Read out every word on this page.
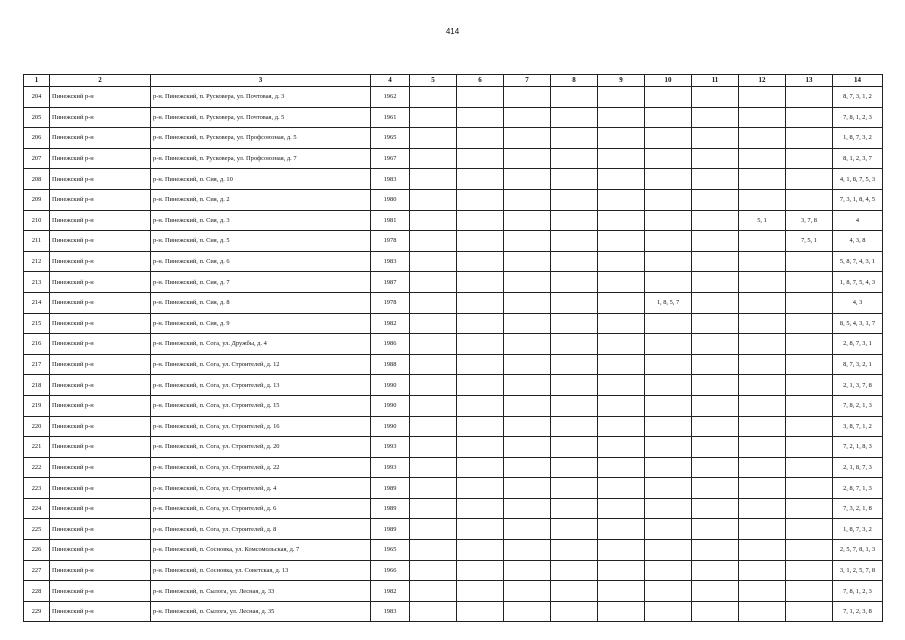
414
1	2	3	4	5	6	7	8	9	10	11	12	13	14
204	Пинежский р-н	р-н. Пинежский, п. Русковера, ул. Почтовая, д. 3	1962										8, 7, 3, 1, 2
205	Пинежский р-н	р-н. Пинежский, п. Русковера, ул. Почтовая, д. 5	1961										7, 8, 1, 2, 3
206	Пинежский р-н	р-н. Пинежский, п. Русковера, ул. Профсоюзная, д. 5	1965										1, 8, 7, 3, 2
207	Пинежский р-н	р-н. Пинежский, п. Русковера, ул. Профсоюзная, д. 7	1967										8, 1, 2, 3, 7
208	Пинежский р-н	р-н. Пинежский, п. Сия, д. 10	1983										4, 1, 8, 7, 5, 3
209	Пинежский р-н	р-н. Пинежский, п. Сия, д. 2	1980										7, 3, 1, 8, 4, 5
210	Пинежский р-н	р-н. Пинежский, п. Сия, д. 3	1981								5, 1	3, 7, 8	4
211	Пинежский р-н	р-н. Пинежский, п. Сия, д. 5	1978									7, 5, 1	4, 3, 8
212	Пинежский р-н	р-н. Пинежский, п. Сия, д. 6	1983										5, 8, 7, 4, 3, 1
213	Пинежский р-н	р-н. Пинежский, п. Сия, д. 7	1987										1, 8, 7, 5, 4, 3
214	Пинежский р-н	р-н. Пинежский, п. Сия, д. 8	1978						1, 8, 5, 7				4, 3
215	Пинежский р-н	р-н. Пинежский, п. Сия, д. 9	1982										8, 5, 4, 3, 1, 7
216	Пинежский р-н	р-н. Пинежский, п. Сога, ул. Дружбы, д. 4	1986										2, 8, 7, 3, 1
217	Пинежский р-н	р-н. Пинежский, п. Сога, ул. Строителей, д. 12	1988										8, 7, 3, 2, 1
218	Пинежский р-н	р-н. Пинежский, п. Сога, ул. Строителей, д. 13	1990										2, 1, 3, 7, 8
219	Пинежский р-н	р-н. Пинежский, п. Сога, ул. Строителей, д. 15	1990										7, 8, 2, 1, 3
220	Пинежский р-н	р-н. Пинежский, п. Сога, ул. Строителей, д. 16	1990										3, 8, 7, 1, 2
221	Пинежский р-н	р-н. Пинежский, п. Сога, ул. Строителей, д. 20	1993										7, 2, 1, 8, 3
222	Пинежский р-н	р-н. Пинежский, п. Сога, ул. Строителей, д. 22	1993										2, 1, 8, 7, 3
223	Пинежский р-н	р-н. Пинежский, п. Сога, ул. Строителей, д. 4	1989										2, 8, 7, 1, 3
224	Пинежский р-н	р-н. Пинежский, п. Сога, ул. Строителей, д. 6	1989										7, 3, 2, 1, 8
225	Пинежский р-н	р-н. Пинежский, п. Сога, ул. Строителей, д. 8	1989										1, 8, 7, 3, 2
226	Пинежский р-н	р-н. Пинежский, п. Сосновка, ул. Комсомольская, д. 7	1965										2, 5, 7, 8, 1, 3
227	Пинежский р-н	р-н. Пинежский, п. Сосновка, ул. Советская, д. 13	1966										3, 1, 2, 5, 7, 8
228	Пинежский р-н	р-н. Пинежский, п. Сылога, ул. Лесная, д. 33	1982										7, 8, 1, 2, 3
229	Пинежский р-н	р-н. Пинежский, п. Сылога, ул. Лесная, д. 35	1983										7, 1, 2, 3, 8
